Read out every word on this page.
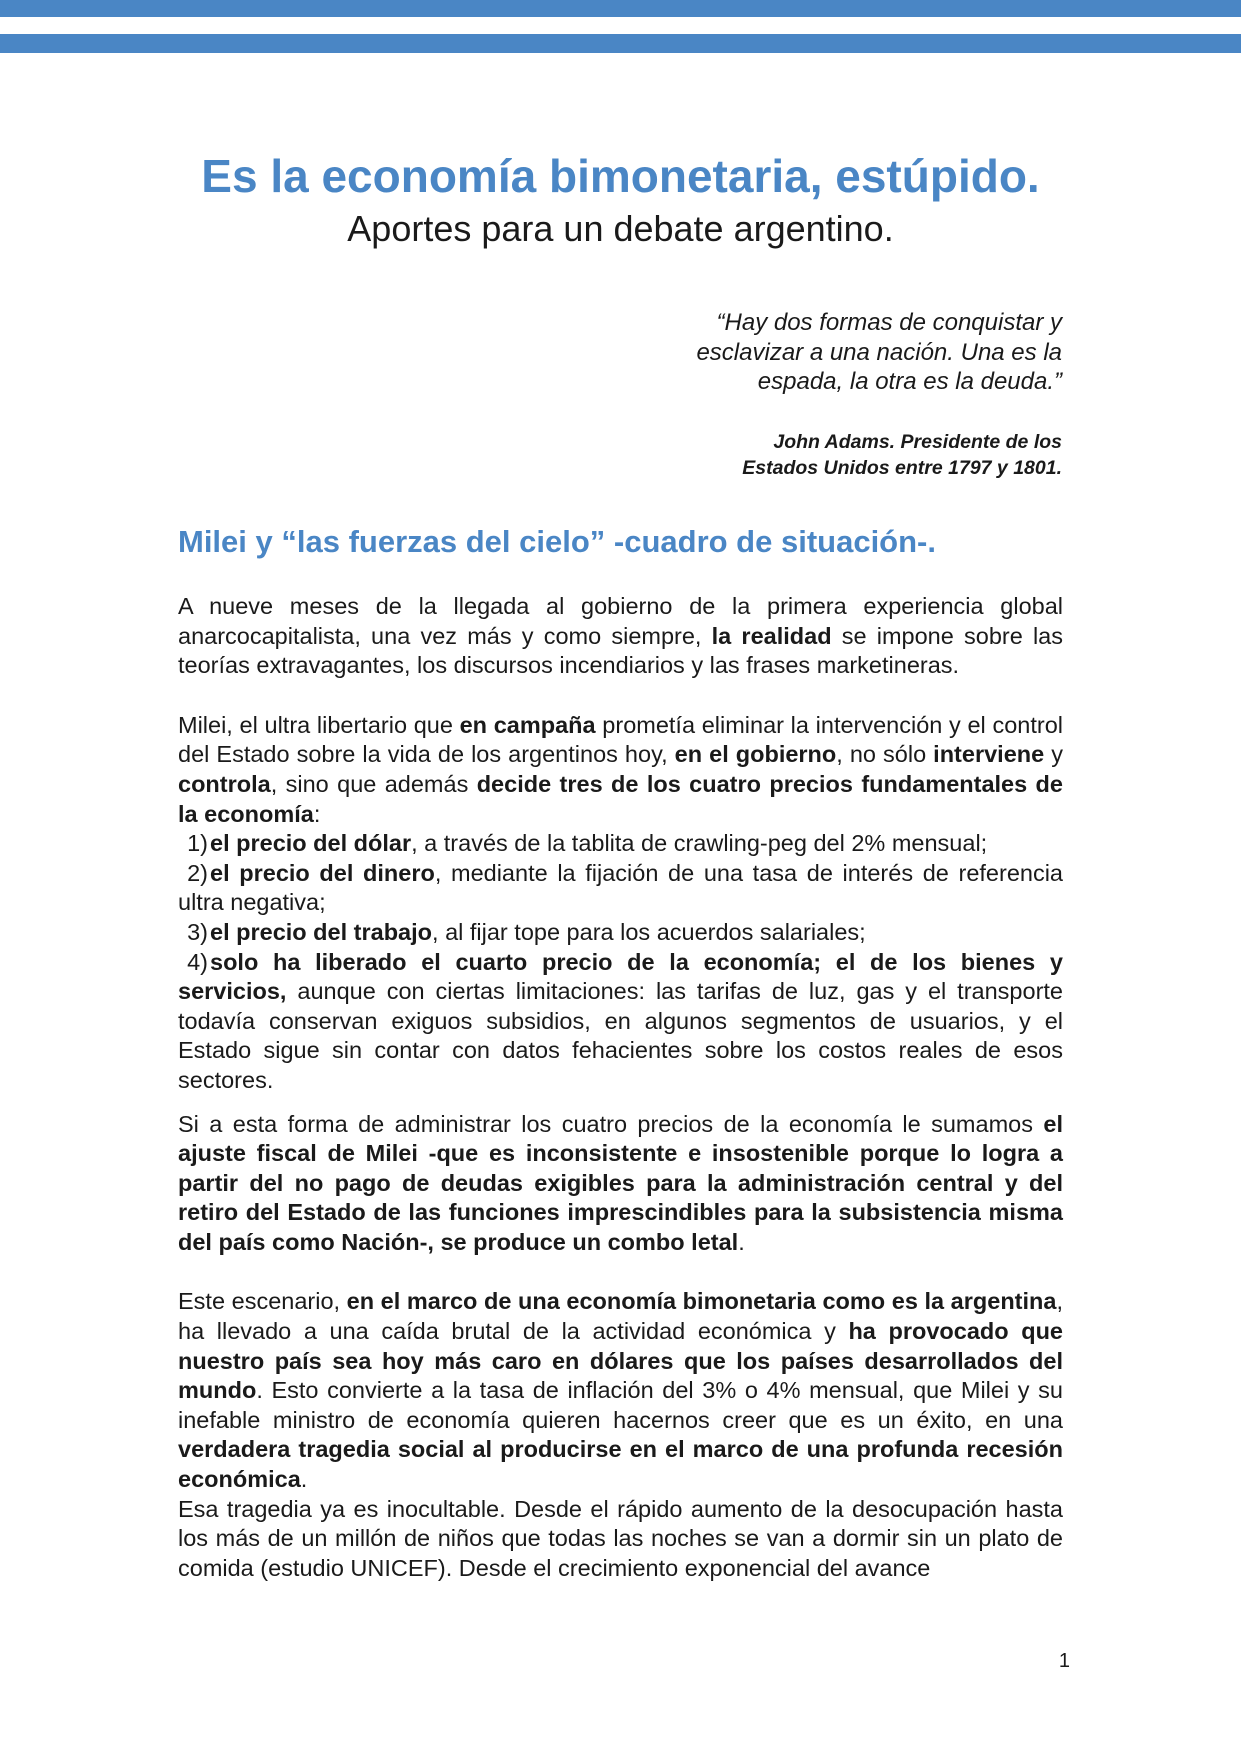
Es la economía bimonetaria, estúpido.
Aportes para un debate argentino.
“Hay dos formas de conquistar y
esclavizar a una nación. Una es la
espada, la otra es la deuda.”
John Adams. Presidente de los
Estados Unidos entre 1797 y 1801.
Milei y “las fuerzas del cielo” -cuadro de situación-.

A nueve meses de la llegada al gobierno de la primera experiencia global anarcocapitalista, una vez más y como siempre, la realidad se impone sobre las teorías extravagantes, los discursos incendiarios y las frases marketineras.

Milei, el ultra libertario que en campaña prometía eliminar la intervención y el control del Estado sobre la vida de los argentinos hoy, en el gobierno, no sólo interviene y controla, sino que además decide tres de los cuatro precios fundamentales de la economía:

1)el precio del dólar, a través de la tablita de crawling-peg del 2% mensual;

2)el precio del dinero, mediante la fijación de una tasa de interés de referencia ultra negativa;

3)el precio del trabajo, al fijar tope para los acuerdos salariales;

4)solo ha liberado el cuarto precio de la economía; el de los bienes y servicios, aunque con ciertas limitaciones: las tarifas de luz, gas y el transporte todavía conservan exiguos subsidios, en algunos segmentos de usuarios, y el Estado sigue sin contar con datos fehacientes sobre los costos reales de esos sectores.

Si a esta forma de administrar los cuatro precios de la economía le sumamos el ajuste fiscal de Milei -que es inconsistente e insostenible porque lo logra a partir del no pago de deudas exigibles para la administración central y del retiro del Estado de las funciones imprescindibles para la subsistencia misma del país como Nación-, se produce un combo letal.

Este escenario, en el marco de una economía bimonetaria como es la argentina, ha llevado a una caída brutal de la actividad económica y ha provocado que nuestro país sea hoy más caro en dólares que los países desarrollados del mundo. Esto convierte a la tasa de inflación del 3% o 4% mensual, que Milei y su inefable ministro de economía quieren hacernos creer que es un éxito, en una verdadera tragedia social al producirse en el marco de una profunda recesión económica.

Esa tragedia ya es inocultable. Desde el rápido aumento de la desocupación hasta los más de un millón de niños que todas las noches se van a dormir sin un plato de comida (estudio UNICEF). Desde el crecimiento exponencial del avance

1
